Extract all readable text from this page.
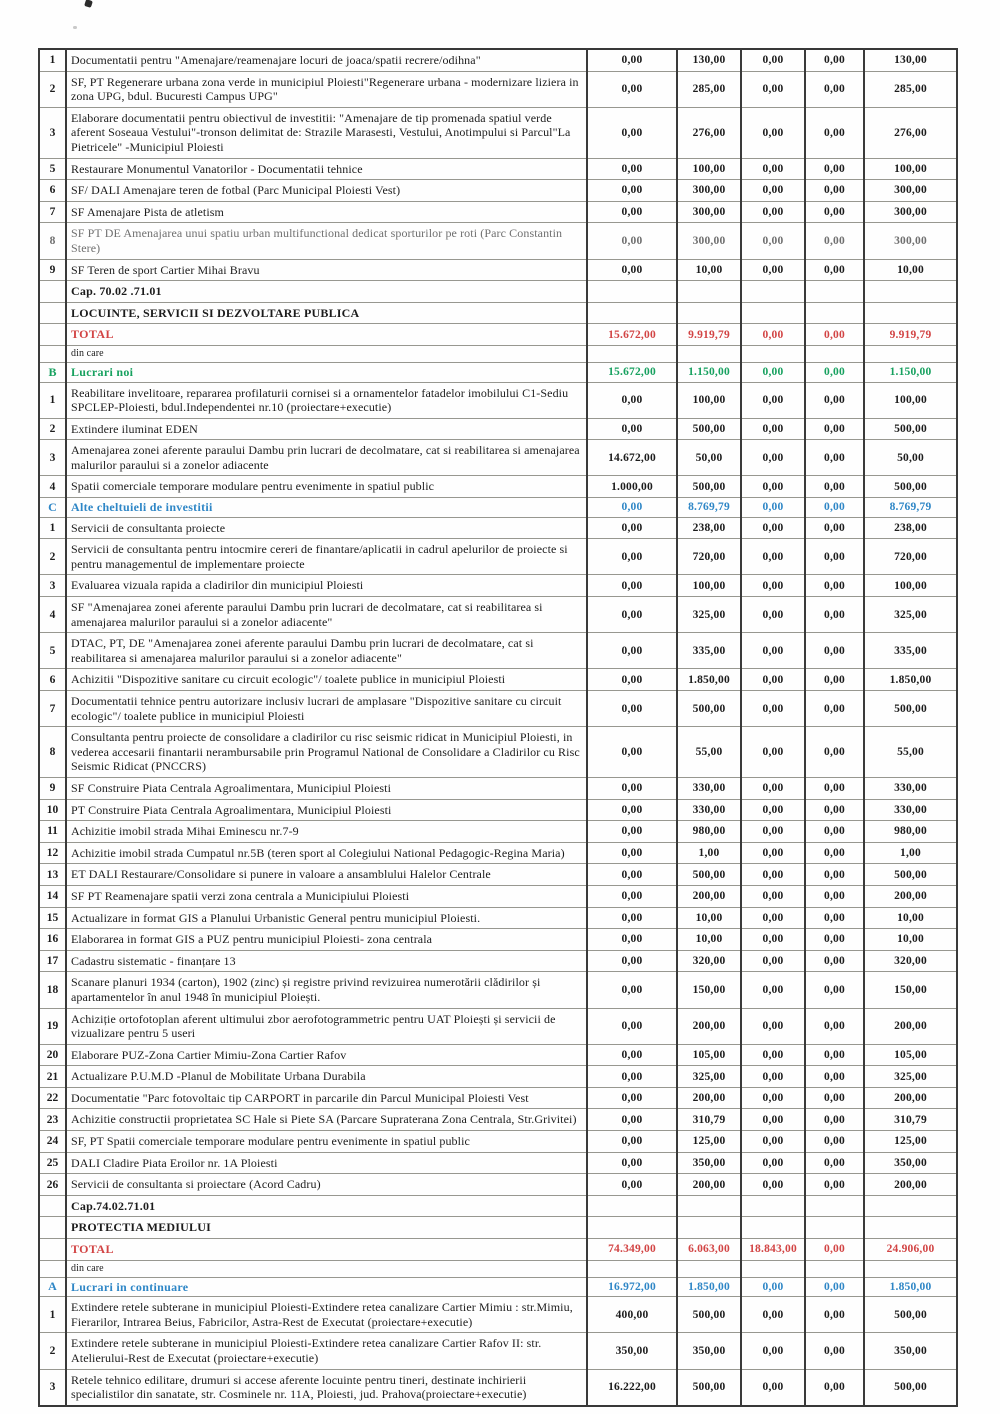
1	Documentatii pentru "Amenajare/reamenajare locuri de joaca/spatii recrere/odihna"	0,00	130,00	0,00	0,00	130,00
2	SF, PT Regenerare urbana zona verde in municipiul Ploiesti"Regenerare urbana - modernizare liziera in zona UPG, bdul. Bucuresti Campus UPG"	0,00	285,00	0,00	0,00	285,00
3	Elaborare documentatii pentru obiectivul de investitii: "Amenajare de tip promenada spatiul verde aferent Soseaua Vestului"-tronson delimitat de: Strazile Marasesti, Vestului, Anotimpului si Parcul"La Pietricele" -Municipiul Ploiesti	0,00	276,00	0,00	0,00	276,00
5	Restaurare Monumentul Vanatorilor - Documentatii tehnice	0,00	100,00	0,00	0,00	100,00
6	SF/ DALI Amenajare teren de fotbal (Parc Municipal Ploiesti Vest)	0,00	300,00	0,00	0,00	300,00
7	SF Amenajare Pista de atletism	0,00	300,00	0,00	0,00	300,00
8	SF PT DE Amenajarea unui spatiu urban multifunctional dedicat sporturilor pe roti (Parc Constantin Stere)	0,00	300,00	0,00	0,00	300,00
9	SF Teren de sport Cartier Mihai Bravu	0,00	10,00	0,00	0,00	10,00
	Cap. 70.02 .71.01					
	LOCUINTE, SERVICII SI DEZVOLTARE PUBLICA					
	TOTAL	15.672,00	9.919,79	0,00	0,00	9.919,79
	din care					
B	Lucrari noi	15.672,00	1.150,00	0,00	0,00	1.150,00
1	Reabilitare invelitoare, repararea profilaturii cornisei si a ornamentelor fatadelor imobilului C1-Sediu SPCLEP-Ploiesti, bdul.Independentei nr.10 (proiectare+executie)	0,00	100,00	0,00	0,00	100,00
2	Extindere iluminat EDEN	0,00	500,00	0,00	0,00	500,00
3	Amenajarea zonei aferente paraului Dambu prin lucrari de decolmatare, cat si reabilitarea si amenajarea malurilor paraului si a zonelor adiacente	14.672,00	50,00	0,00	0,00	50,00
4	Spatii comerciale temporare modulare pentru evenimente in spatiul public	1.000,00	500,00	0,00	0,00	500,00
C	Alte cheltuieli de investitii	0,00	8.769,79	0,00	0,00	8.769,79
1	Servicii de consultanta proiecte	0,00	238,00	0,00	0,00	238,00
2	Servicii de consultanta pentru intocmire cereri de finantare/aplicatii in cadrul apelurilor de proiecte si pentru managementul de implementare proiecte	0,00	720,00	0,00	0,00	720,00
3	Evaluarea vizuala rapida a cladirilor din municipiul Ploiesti	0,00	100,00	0,00	0,00	100,00
4	SF "Amenajarea zonei aferente paraului Dambu prin lucrari de decolmatare, cat si reabilitarea si amenajarea malurilor paraului si a zonelor adiacente"	0,00	325,00	0,00	0,00	325,00
5	DTAC, PT, DE "Amenajarea zonei aferente paraului Dambu prin lucrari de decolmatare, cat si reabilitarea si amenajarea malurilor paraului si a zonelor adiacente"	0,00	335,00	0,00	0,00	335,00
6	Achizitii "Dispozitive sanitare cu circuit ecologic"/ toalete publice in municipiul Ploiesti	0,00	1.850,00	0,00	0,00	1.850,00
7	Documentatii tehnice pentru autorizare inclusiv lucrari de amplasare "Dispozitive sanitare cu circuit ecologic"/ toalete publice in municipiul Ploiesti	0,00	500,00	0,00	0,00	500,00
8	Consultanta pentru proiecte de consolidare a cladirilor cu risc seismic ridicat in Municipiul Ploiesti, in vederea accesarii finantarii nerambursabile prin Programul National de Consolidare a Cladirilor cu Risc Seismic Ridicat (PNCCRS)	0,00	55,00	0,00	0,00	55,00
9	SF Construire Piata Centrala Agroalimentara, Municipiul Ploiesti	0,00	330,00	0,00	0,00	330,00
10	PT Construire Piata Centrala Agroalimentara, Municipiul Ploiesti	0,00	330,00	0,00	0,00	330,00
11	Achizitie imobil strada Mihai Eminescu nr.7-9	0,00	980,00	0,00	0,00	980,00
12	Achizitie imobil strada Cumpatul nr.5B (teren sport al Colegiului National Pedagogic-Regina Maria)	0,00	1,00	0,00	0,00	1,00
13	ET DALI Restaurare/Consolidare si punere in valoare a ansamblului Halelor Centrale	0,00	500,00	0,00	0,00	500,00
14	SF PT Reamenajare spatii verzi zona centrala a Municipiului Ploiesti	0,00	200,00	0,00	0,00	200,00
15	Actualizare in format GIS a Planului Urbanistic General pentru municipiul Ploiesti.	0,00	10,00	0,00	0,00	10,00
16	Elaborarea in format GIS a PUZ pentru municipiul Ploiesti- zona centrala	0,00	10,00	0,00	0,00	10,00
17	Cadastru sistematic - finanțare 13	0,00	320,00	0,00	0,00	320,00
18	Scanare planuri 1934 (carton), 1902 (zinc) și registre privind revizuirea numerotării clădirilor și apartamentelor în anul 1948 în municipiul Ploiești.	0,00	150,00	0,00	0,00	150,00
19	Achiziție ortofotoplan aferent ultimului zbor aerofotogrammetric pentru UAT Ploiești și servicii de vizualizare pentru 5 useri	0,00	200,00	0,00	0,00	200,00
20	Elaborare PUZ-Zona Cartier Mimiu-Zona Cartier Rafov	0,00	105,00	0,00	0,00	105,00
21	Actualizare P.U.M.D -Planul de Mobilitate Urbana Durabila	0,00	325,00	0,00	0,00	325,00
22	Documentatie "Parc fotovoltaic tip CARPORT in parcarile din Parcul Municipal Ploiesti Vest	0,00	200,00	0,00	0,00	200,00
23	Achizitie constructii proprietatea SC Hale si Piete SA (Parcare Supraterana Zona Centrala, Str.Grivitei)	0,00	310,79	0,00	0,00	310,79
24	SF, PT Spatii comerciale temporare modulare pentru evenimente in spatiul public	0,00	125,00	0,00	0,00	125,00
25	DALI Cladire Piata Eroilor nr. 1A Ploiesti	0,00	350,00	0,00	0,00	350,00
26	Servicii de consultanta si proiectare (Acord Cadru)	0,00	200,00	0,00	0,00	200,00
	Cap.74.02.71.01					
	PROTECTIA MEDIULUI					
	TOTAL	74.349,00	6.063,00	18.843,00	0,00	24.906,00
	din care					
A	Lucrari in continuare	16.972,00	1.850,00	0,00	0,00	1.850,00
1	Extindere retele subterane in municipiul Ploiesti-Extindere retea canalizare Cartier Mimiu : str.Mimiu, Fierarilor, Intrarea Beius, Fabricilor, Astra-Rest de Executat (proiectare+executie)	400,00	500,00	0,00	0,00	500,00
2	Extindere retele subterane in municipiul Ploiesti-Extindere retea canalizare Cartier Rafov II: str. Atelierului-Rest de Executat (proiectare+executie)	350,00	350,00	0,00	0,00	350,00
3	Retele tehnico edilitare, drumuri si accese aferente locuinte pentru tineri, destinate inchirierii specialistilor din sanatate, str. Cosminele nr. 11A, Ploiesti, jud. Prahova(proiectare+executie)	16.222,00	500,00	0,00	0,00	500,00
